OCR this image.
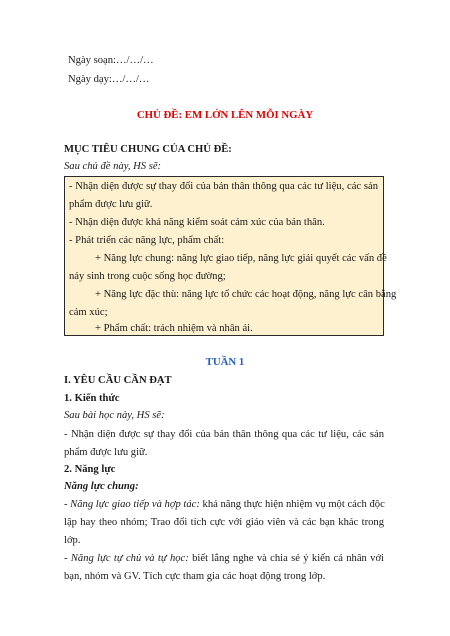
Ngày soạn:…/…/…
Ngày dạy:…/…/…
CHỦ ĐỀ: EM LỚN LÊN MỖI NGÀY
MỤC TIÊU CHUNG CỦA CHỦ ĐỀ:
Sau chủ đề này, HS sẽ:
- Nhận diện được sự thay đổi của bản thân thông qua các tư liệu, các sản
phẩm được lưu giữ.
- Nhận diện được khả năng kiểm soát cảm xúc của bản thân.
- Phát triển các năng lực, phẩm chất:
+ Năng lực chung: năng lực giao tiếp, năng lực giải quyết các vấn đề
nảy sinh trong cuộc sống học đường;
+ Năng lực đặc thù: năng lực tổ chức các hoạt động, năng lực cân bằng
cảm xúc;
+ Phẩm chất: trách nhiệm và nhân ái.
TUẦN 1
I. YÊU CẦU CẦN ĐẠT
1. Kiến thức
Sau bài học này, HS sẽ:
- Nhận diện được sự thay đổi của bản thân thông qua các tư liệu, các sản
phẩm được lưu giữ.
2. Năng lực
Năng lực chung:
- Năng lực giao tiếp và hợp tác: khả năng thực hiện nhiệm vụ một cách độc
lập hay theo nhóm; Trao đổi tích cực với giáo viên và các bạn khác trong
lớp.
- Năng lực tự chủ và tự học: biết lắng nghe và chia sẻ ý kiến cá nhân với
bạn, nhóm và GV. Tích cực tham gia các hoạt động trong lớp.
